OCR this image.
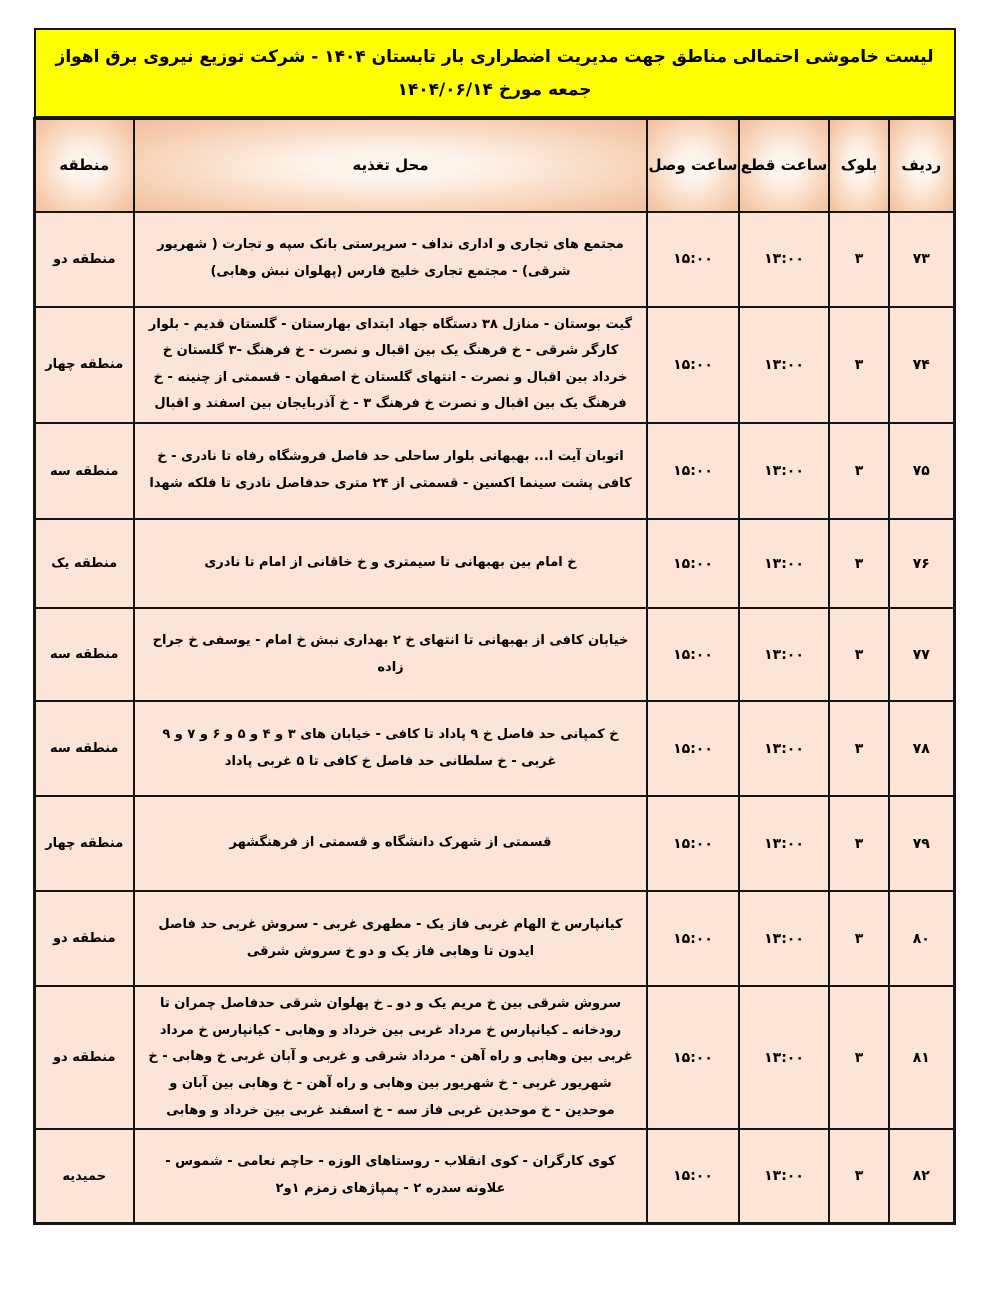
لیست خاموشی احتمالی مناطق جهت مدیریت اضطراری بار تابستان ۱۴۰۴ - شرکت توزیع نیروی برق اهواز
جمعه مورخ ۱۴۰۴/۰۶/۱۴
ردیف	بلوک	ساعت قطع	ساعت وصل	محل تغذیه	منطقه
۷۳	۳	۱۳:۰۰	۱۵:۰۰	مجتمع های تجاری و اداری نداف - سرپرستی بانک سپه و تجارت ( شهریور شرقی) - مجتمع تجاری خلیج فارس (پهلوان نبش وهابی)	منطقه دو
۷۴	۳	۱۳:۰۰	۱۵:۰۰	گیت بوستان - منازل ۳۸ دستگاه جهاد ابتدای بهارستان - گلستان قدیم - بلوار کارگر شرقی - خ فرهنگ یک بین اقبال و نصرت - خ فرهنگ -۳ گلستان خ خرداد بین اقبال و نصرت - انتهای گلستان خ اصفهان - قسمتی از چنینه - خ فرهنگ یک بین اقبال و نصرت خ فرهنگ ۳ - خ آذربایجان بین اسفند و اقبال	منطقه چهار
۷۵	۳	۱۳:۰۰	۱۵:۰۰	اتوبان آیت ا... بهبهانی بلوار ساحلی حد فاصل فروشگاه رفاه تا نادری - خ کافی پشت سینما اکسین - قسمتی از ۲۴ متری حدفاصل نادری تا فلکه شهدا	منطقه سه
۷۶	۳	۱۳:۰۰	۱۵:۰۰	خ امام بین بهبهانی تا سیمتری و خ خاقانی از امام تا نادری	منطقه یک
۷۷	۳	۱۳:۰۰	۱۵:۰۰	خیابان کافی از بهبهانی تا انتهای خ ۲ بهداری نبش خ امام - یوسفی خ جراح زاده	منطقه سه
۷۸	۳	۱۳:۰۰	۱۵:۰۰	خ کمپانی حد فاصل خ ۹ پاداد تا کافی - خیابان های ۳ و ۴ و ۵ و ۶ و ۷ و ۹ غربی - خ سلطانی حد فاصل خ کافی تا ۵ غربی پاداد	منطقه سه
۷۹	۳	۱۳:۰۰	۱۵:۰۰	قسمتی از شهرک دانشگاه و قسمتی از فرهنگشهر	منطقه چهار
۸۰	۳	۱۳:۰۰	۱۵:۰۰	کیانپارس خ الهام غربی فاز یک - مطهری غربی - سروش غربی حد فاصل ایدون تا وهابی فاز یک و دو خ سروش شرقی	منطقه دو
۸۱	۳	۱۳:۰۰	۱۵:۰۰	سروش شرقی بین خ مریم یک و دو ـ خ پهلوان شرقی حدفاصل چمران تا رودخانه ـ کیانپارس خ مرداد غربی بین خرداد و وهابی - کیانپارس خ مرداد غربی بین وهابی و راه آهن - مرداد شرقی و غربی و آبان غربی خ وهابی - خ شهریور غربی - خ شهریور بین وهابی و راه آهن - خ وهابی بین آبان و موحدین - خ موحدین غربی فاز سه - خ اسفند غربی بین خرداد و وهابی	منطقه دو
۸۲	۳	۱۳:۰۰	۱۵:۰۰	کوی کارگران - کوی انقلاب - روستاهای الوزه - حاچم نعامی - شموس - علاونه سدره ۲ - پمپاژهای زمزم ۱و۲	حمیدیه
